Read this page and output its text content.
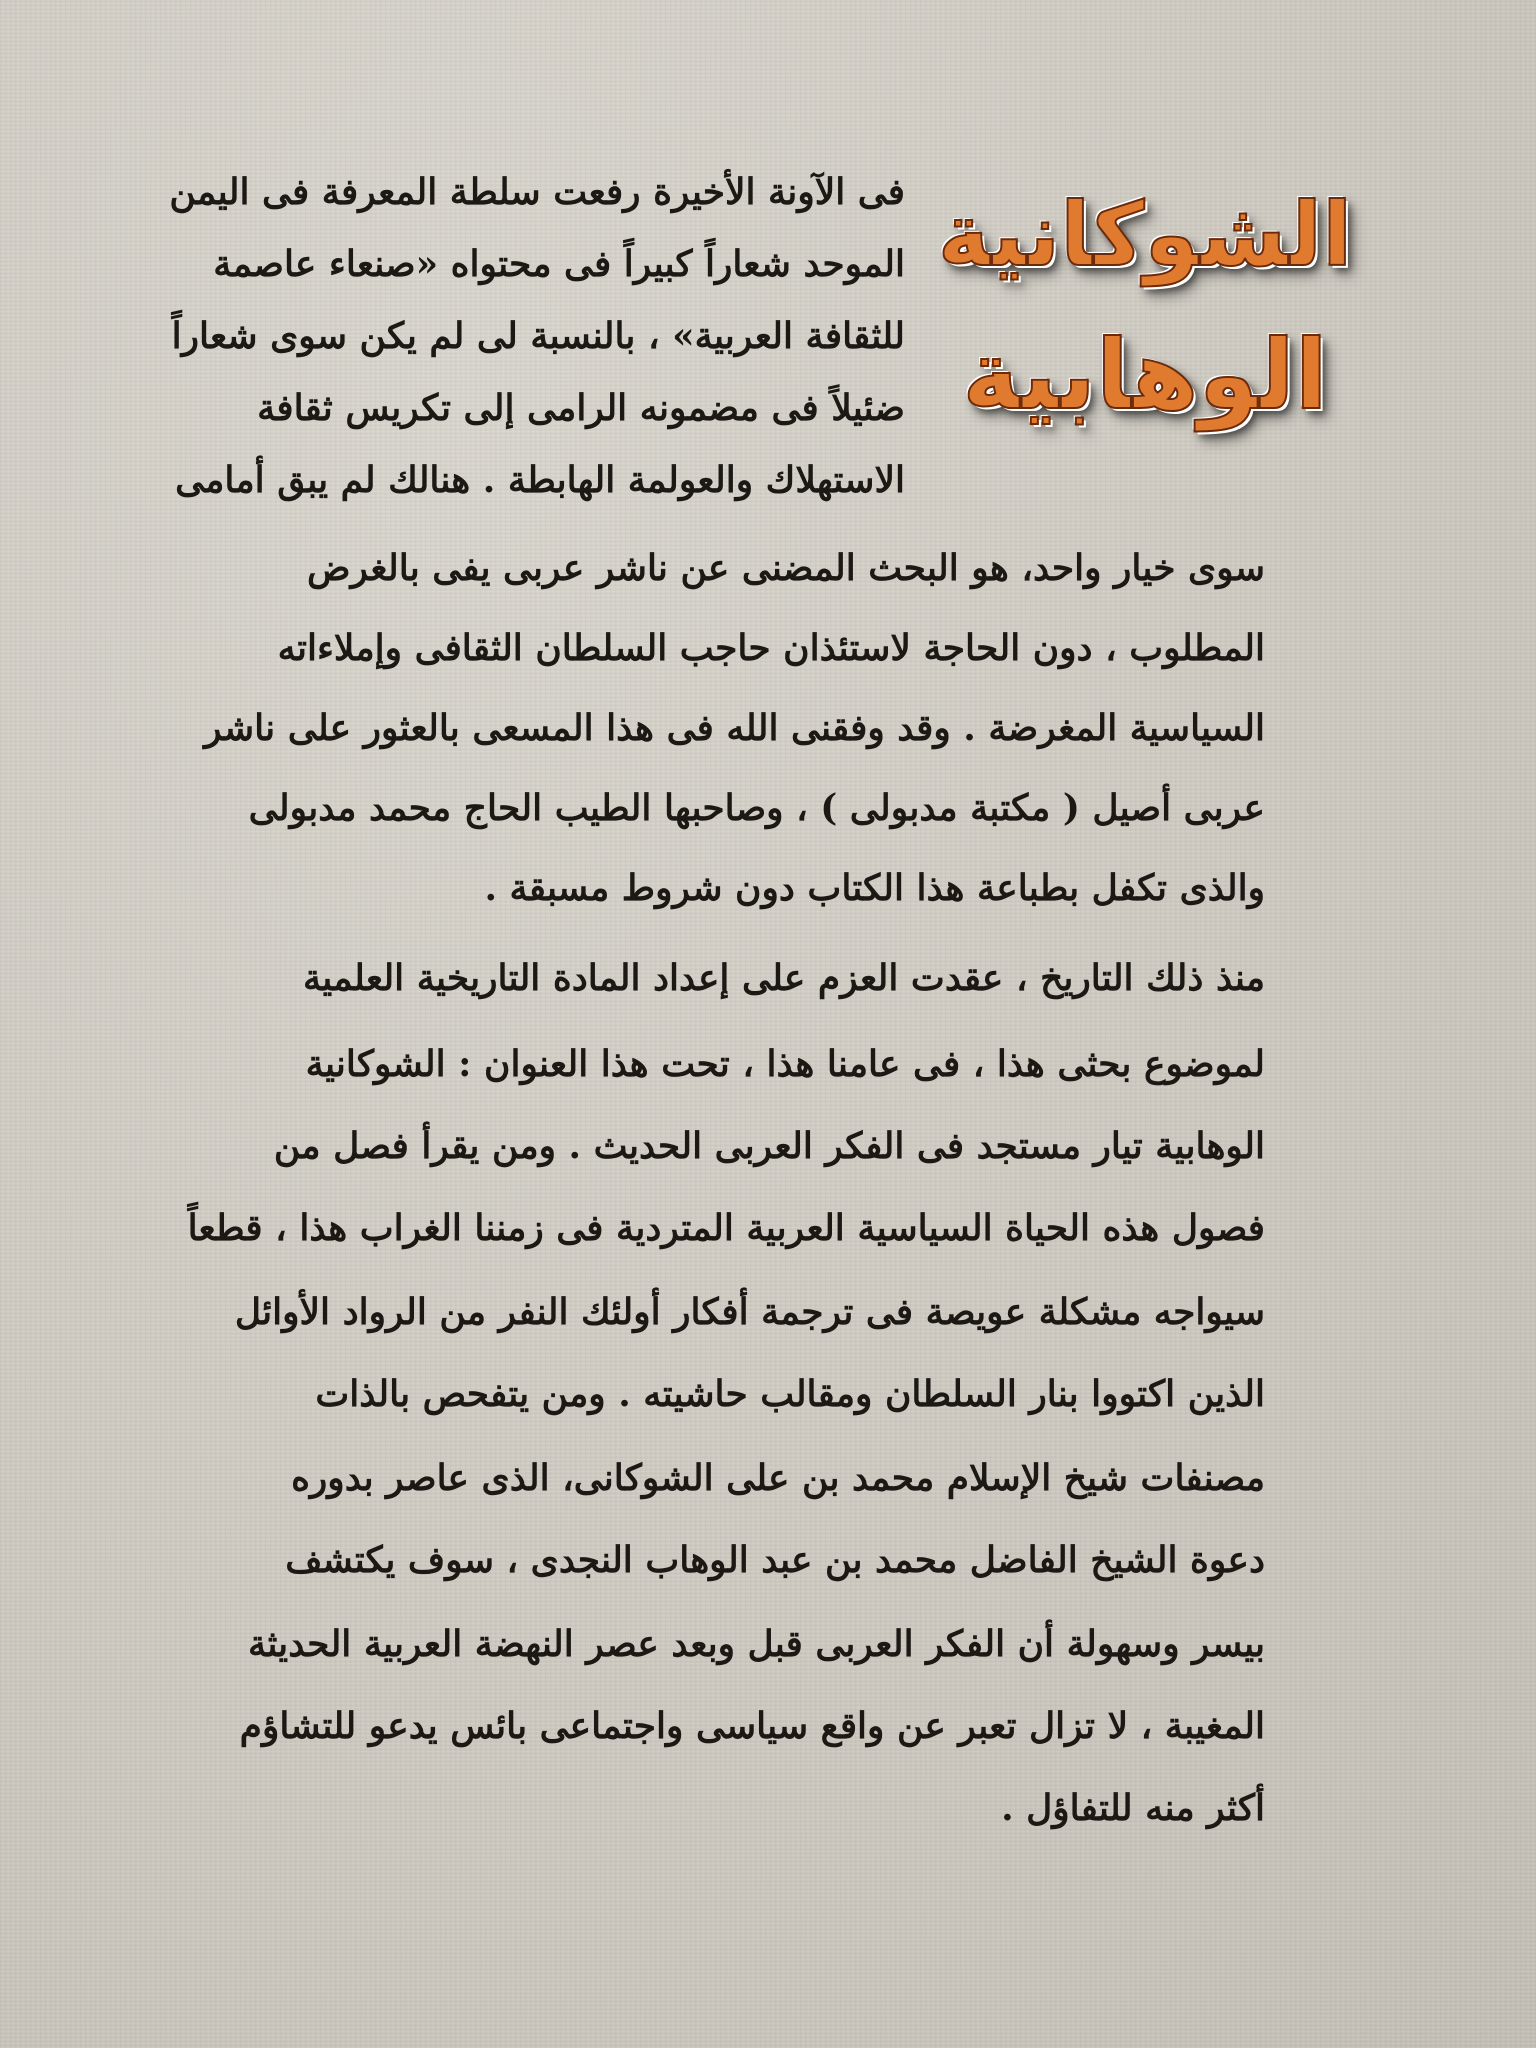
الشوكانية
الوهابية
فى الآونة الأخيرة رفعت سلطة المعرفة فى اليمن
الموحد شعاراً كبيراً فى محتواه «صنعاء عاصمة
للثقافة العربية» ، بالنسبة لى لم يكن سوى شعاراً
ضئيلاً فى مضمونه الرامى إلى تكريس ثقافة
الاستهلاك والعولمة الهابطة . هنالك لم يبق أمامى
سوى خيار واحد، هو البحث المضنى عن ناشر عربى يفى بالغرض
المطلوب ، دون الحاجة لاستئذان حاجب السلطان الثقافى وإملاءاته
السياسية المغرضة . وقد وفقنى الله فى هذا المسعى بالعثور على ناشر
عربى أصيل ( مكتبة مدبولى ) ، وصاحبها الطيب الحاج محمد مدبولى
والذى تكفل بطباعة هذا الكتاب دون شروط مسبقة .
منذ ذلك التاريخ ، عقدت العزم على إعداد المادة التاريخية العلمية
لموضوع بحثى هذا ، فى عامنا هذا ، تحت هذا العنوان : الشوكانية
الوهابية تيار مستجد فى الفكر العربى الحديث . ومن يقرأ فصل من
فصول هذه الحياة السياسية العربية المتردية فى زمننا الغراب هذا ، قطعاً
سيواجه مشكلة عويصة فى ترجمة أفكار أولئك النفر من الرواد الأوائل
الذين اكتووا بنار السلطان ومقالب حاشيته . ومن يتفحص بالذات
مصنفات شيخ الإسلام محمد بن على الشوكانى، الذى عاصر بدوره
دعوة الشيخ الفاضل محمد بن عبد الوهاب النجدى ، سوف يكتشف
بيسر وسهولة أن الفكر العربى قبل وبعد عصر النهضة العربية الحديثة
المغيبة ، لا تزال تعبر عن واقع سياسى واجتماعى بائس يدعو للتشاؤم
أكثر منه للتفاؤل .
